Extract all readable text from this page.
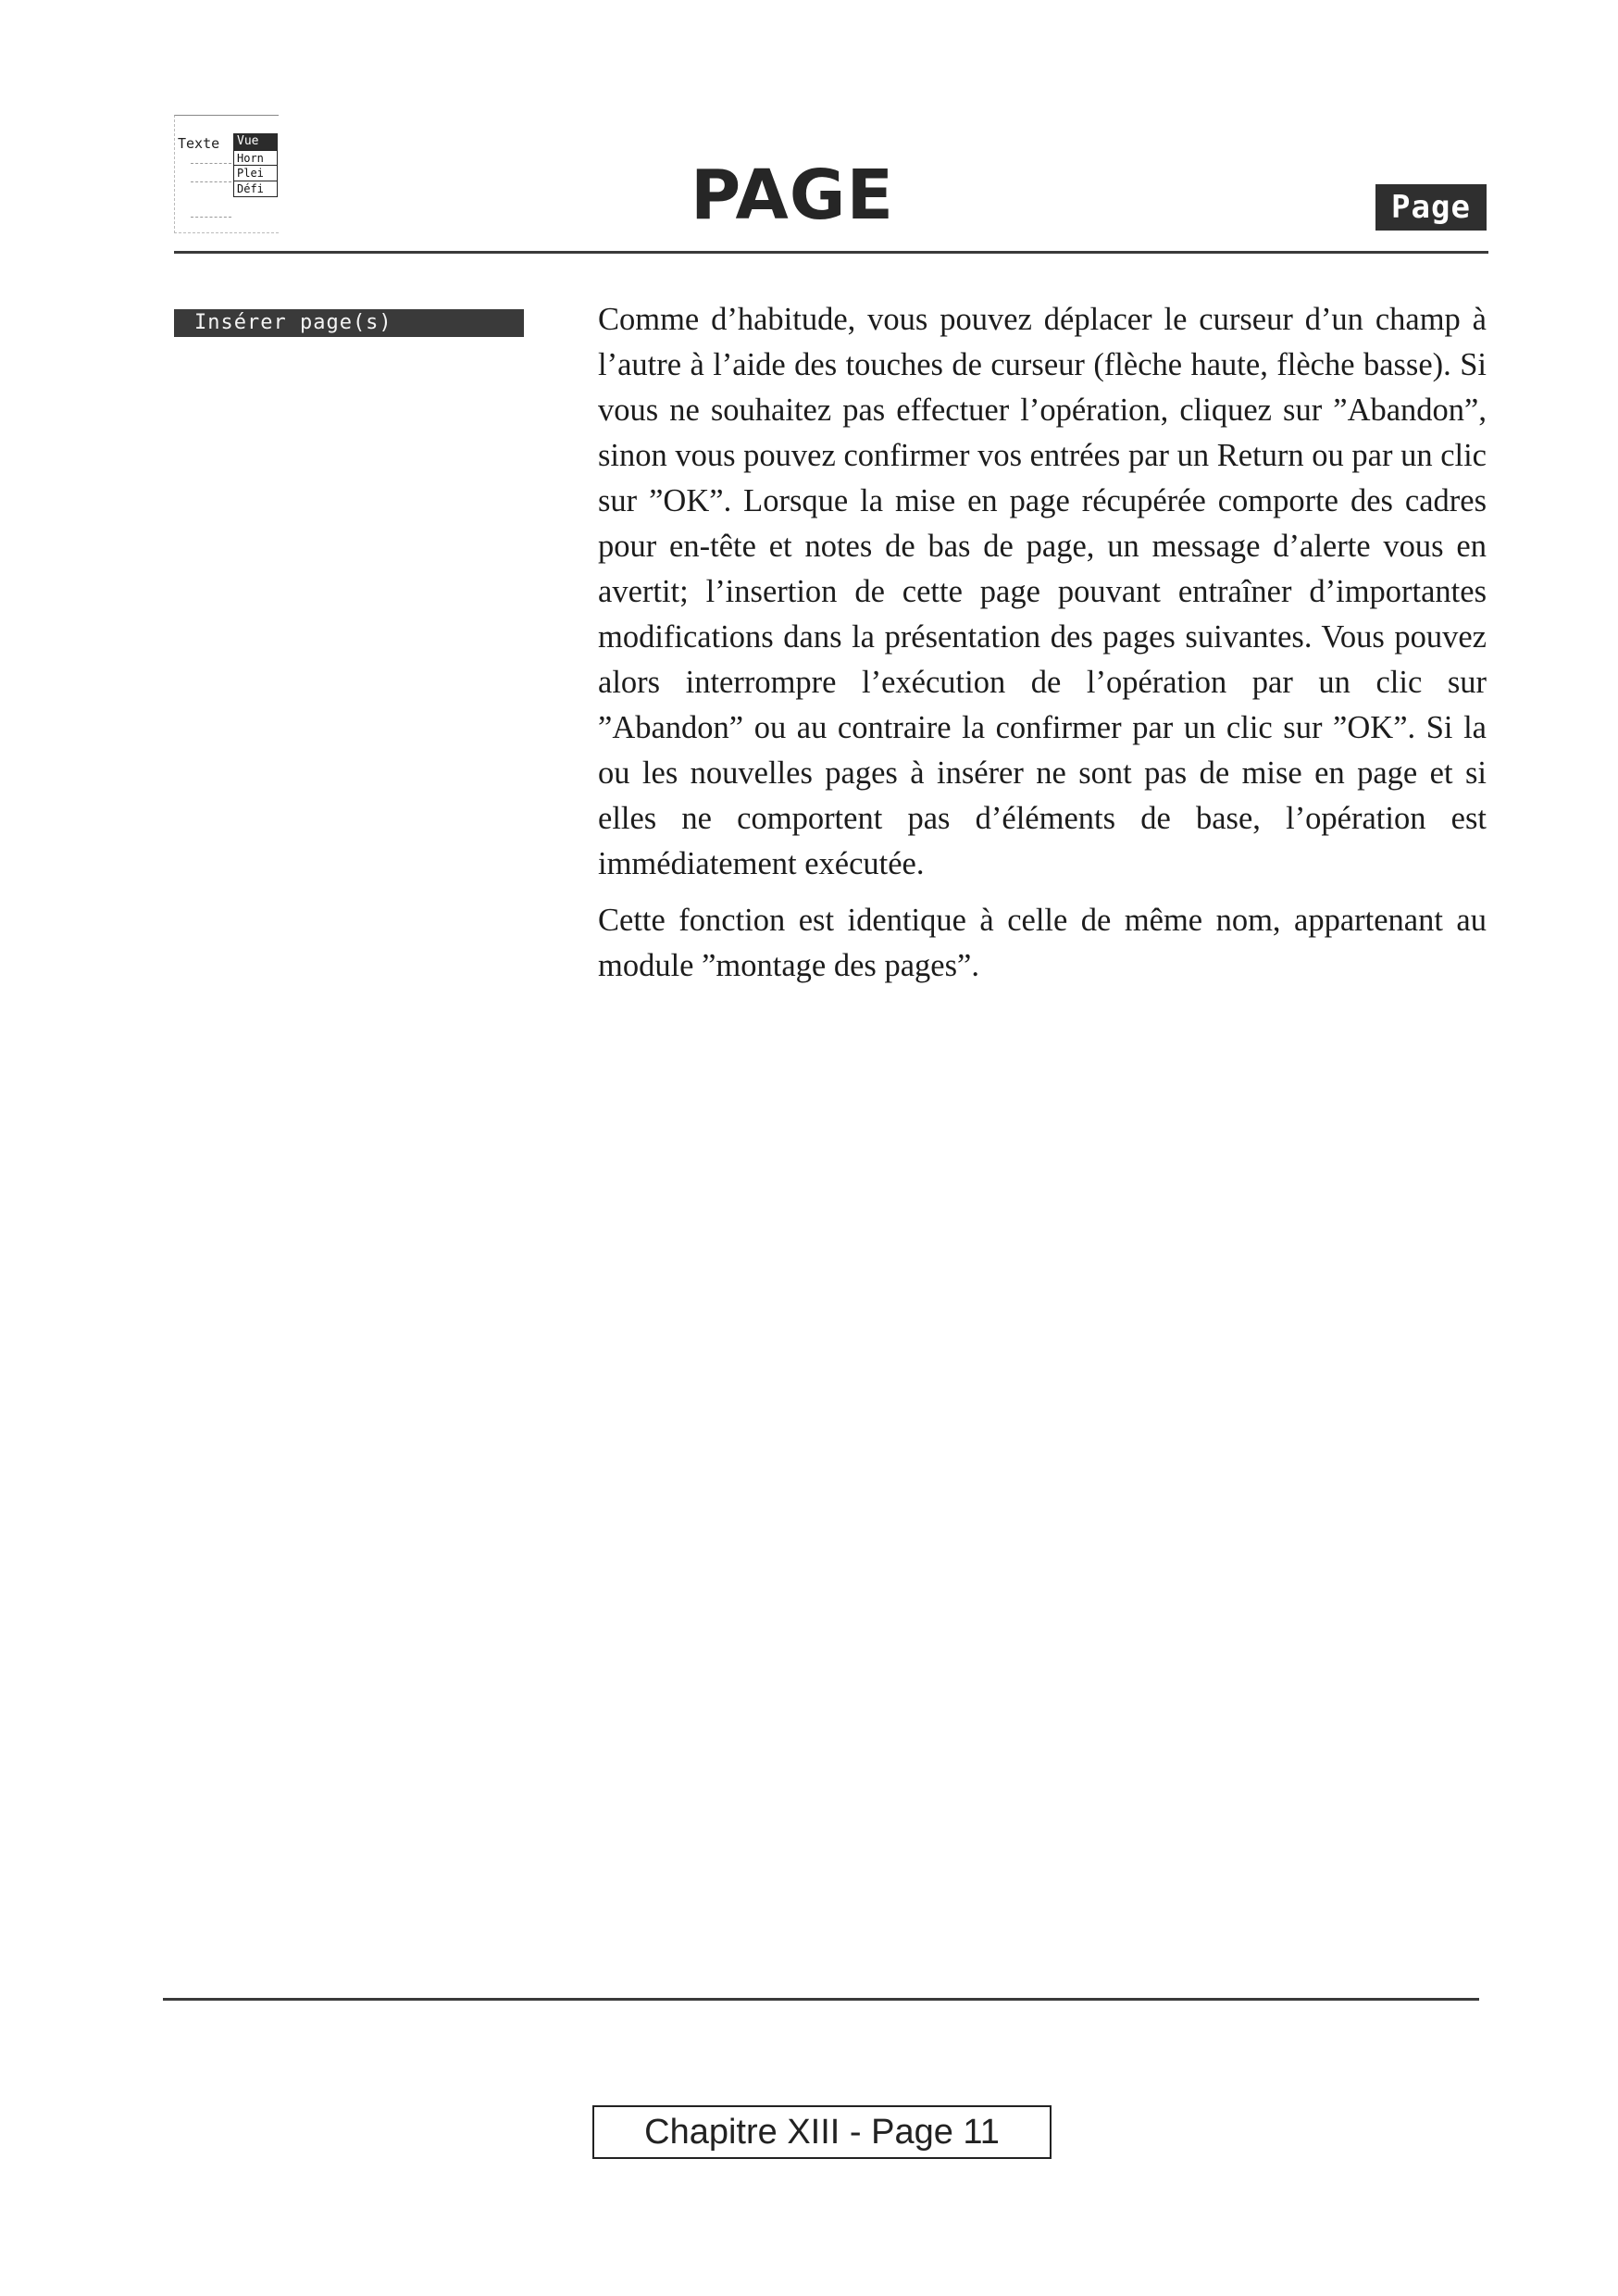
Texte	Vue
Horn
Plei
Défi	PAGE	Page
Insérer page(s)	Comme d’habitude, vous pouvez déplacer le curseur d’un champ à l’autre à l’aide des touches de curseur (flèche haute, flèche basse). Si vous ne souhaitez pas effectuer l’opération, cliquez sur ”Abandon”, sinon vous pouvez confirmer vos entrées par un Return ou par un clic sur ”OK”. Lorsque la mise en page récupérée comporte des cadres pour en-tête et notes de bas de page, un message d’alerte vous en avertit; l’insertion de cette page pouvant entraîner d’importantes modifications dans la présentation des pages suivantes. Vous pouvez alors interrompre l’exécution de l’opération par un clic sur ”Abandon” ou au contraire la confirmer par un clic sur ”OK”. Si la ou les nouvelles pages à insérer ne sont pas de mise en page et si elles ne comportent pas d’éléments de base, l’opération est immédiatement exécutée.

Cette fonction est identique à celle de même nom, appartenant au module ”montage des pages”.

Chapitre XIII - Page 11
